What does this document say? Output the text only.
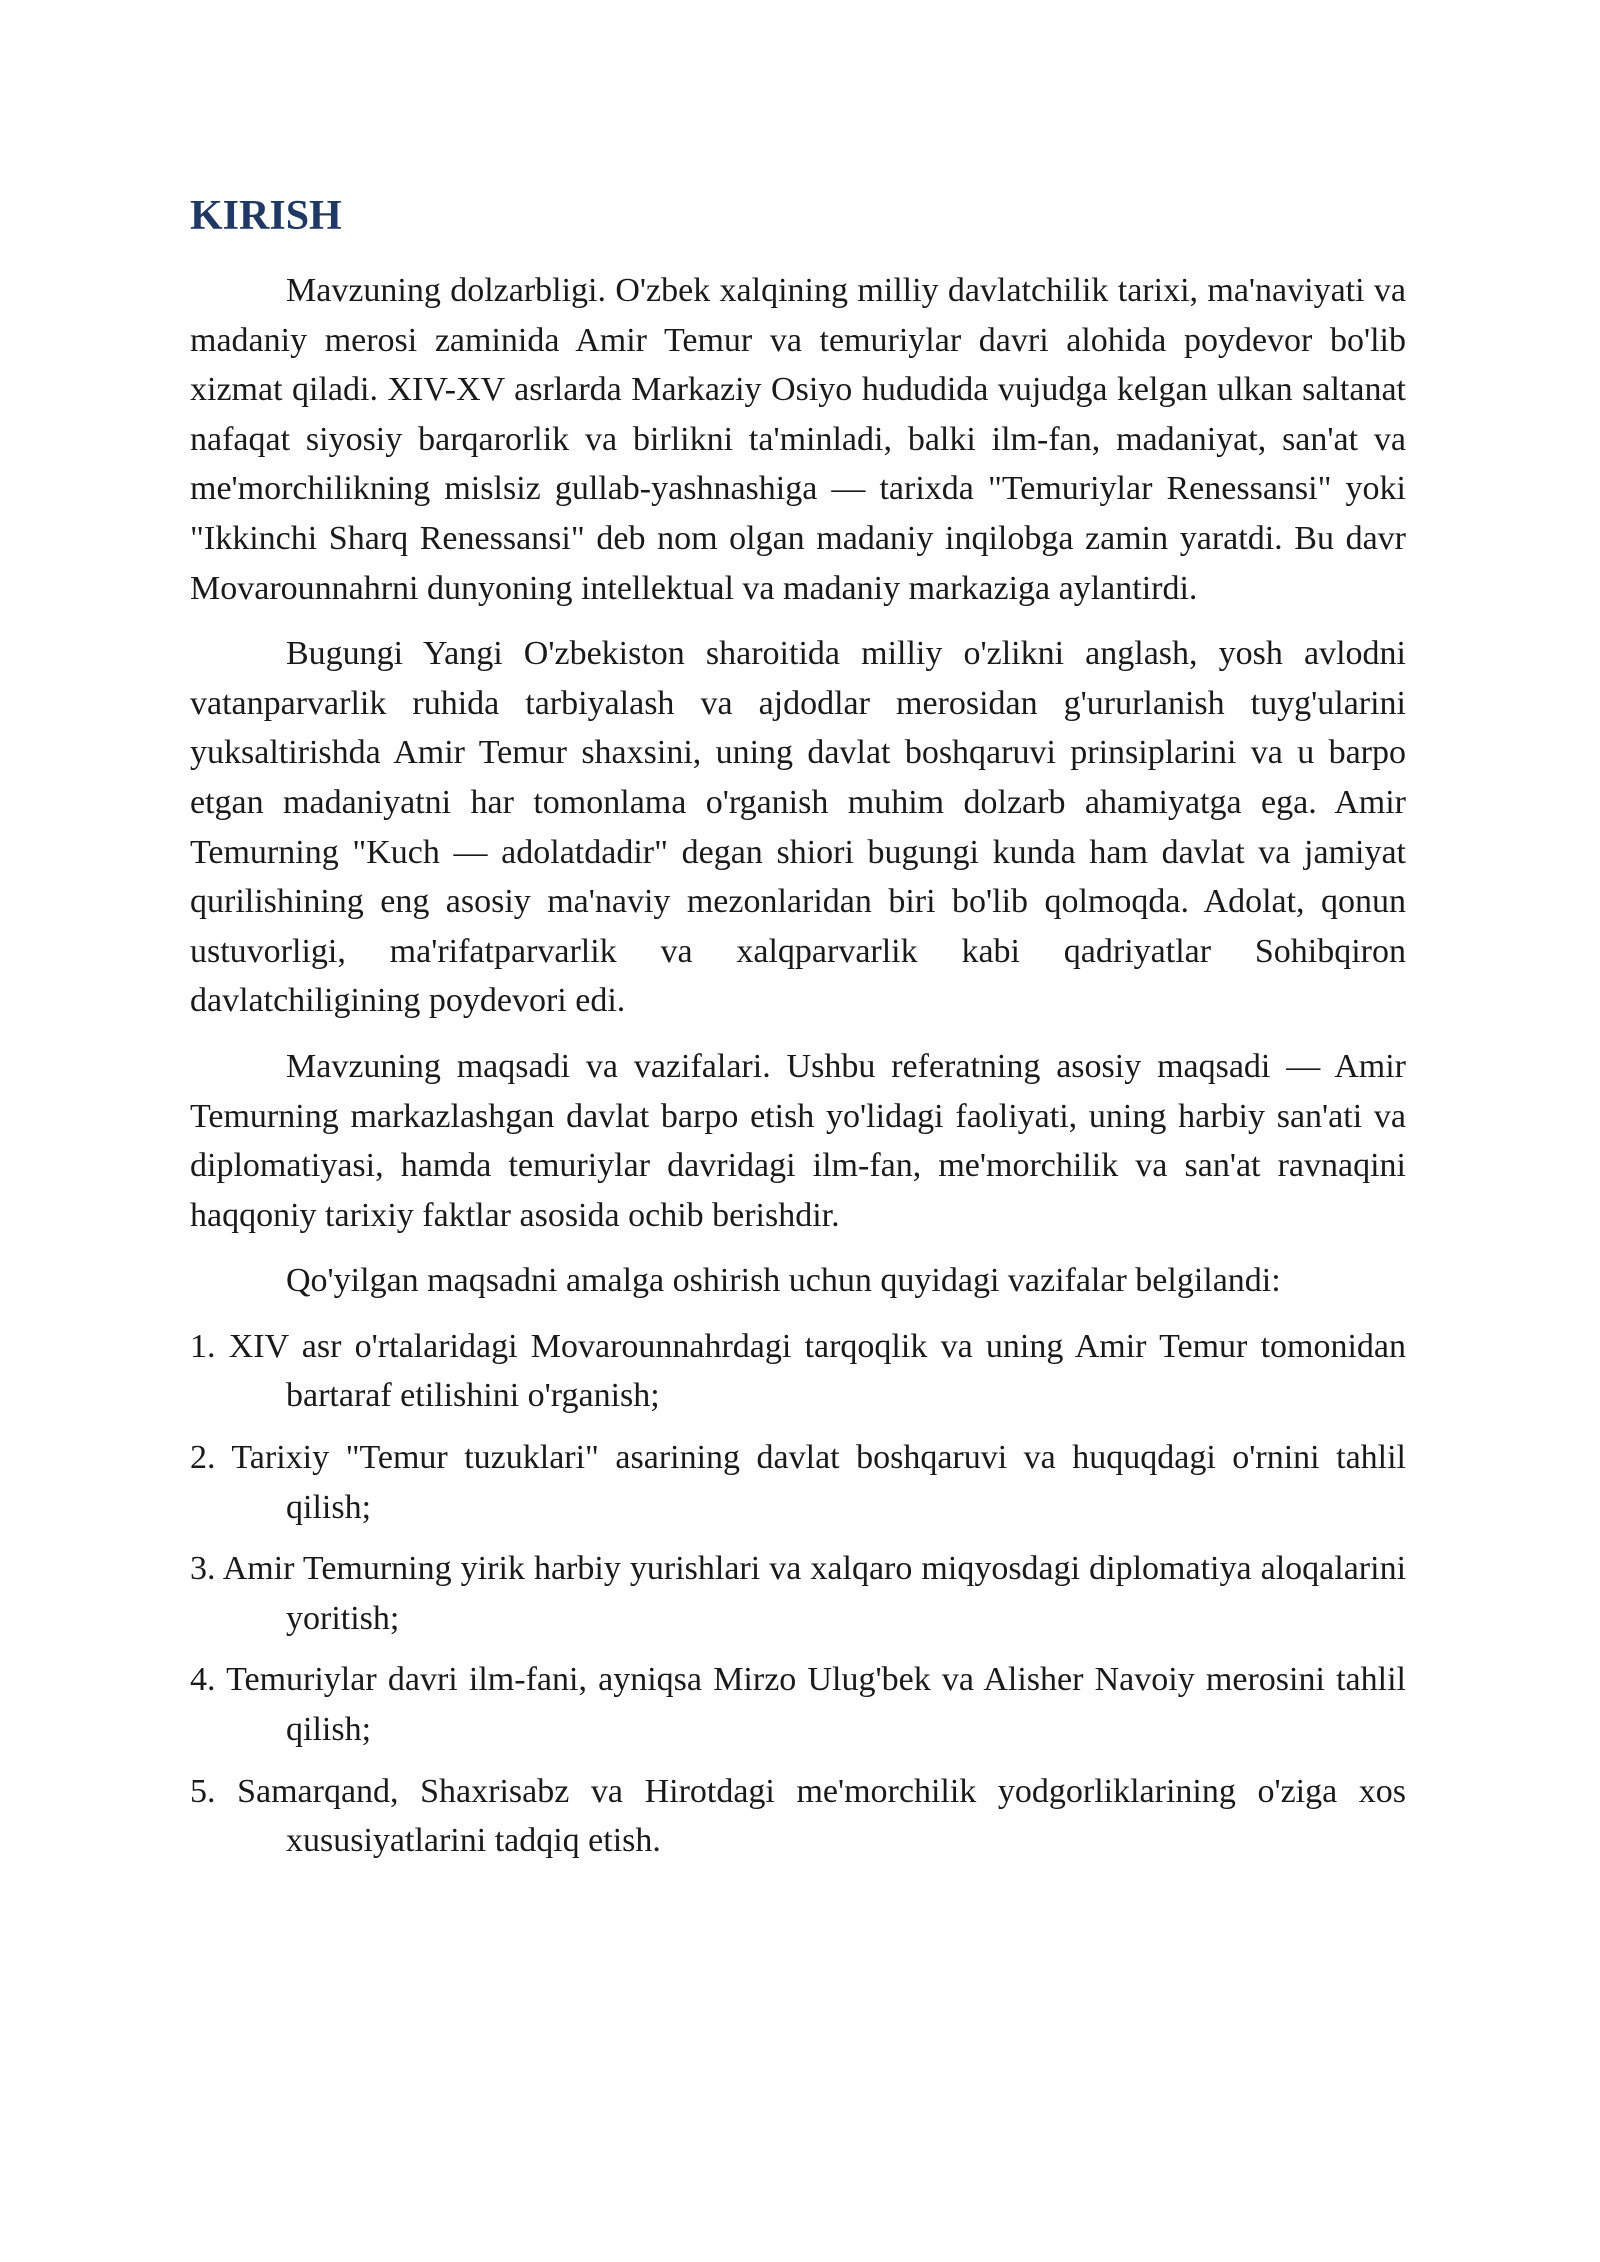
KIRISH

Mavzuning dolzarbligi. O'zbek xalqining milliy davlatchilik tarixi, ma'naviyati va madaniy merosi zaminida Amir Temur va temuriylar davri alohida poydevor bo'lib xizmat qiladi. XIV-XV asrlarda Markaziy Osiyo hududida vujudga kelgan ulkan saltanat nafaqat siyosiy barqarorlik va birlikni ta'minladi, balki ilm-fan, madaniyat, san'at va me'morchilikning mislsiz gullab-yashnashiga — tarixda "Temuriylar Renessansi" yoki "Ikkinchi Sharq Renessansi" deb nom olgan madaniy inqilobga zamin yaratdi. Bu davr Movarounnahrni dunyoning intellektual va madaniy markaziga aylantirdi.

Bugungi Yangi O'zbekiston sharoitida milliy o'zlikni anglash, yosh avlodni vatanparvarlik ruhida tarbiyalash va ajdodlar merosidan g'ururlanish tuyg'ularini yuksaltirishda Amir Temur shaxsini, uning davlat boshqaruvi prinsiplarini va u barpo etgan madaniyatni har tomonlama o'rganish muhim dolzarb ahamiyatga ega. Amir Temurning "Kuch — adolatdadir" degan shiori bugungi kunda ham davlat va jamiyat qurilishining eng asosiy ma'naviy mezonlaridan biri bo'lib qolmoqda. Adolat, qonun ustuvorligi, ma'rifatparvarlik va xalqparvarlik kabi qadriyatlar Sohibqiron davlatchiligining poydevori edi.

Mavzuning maqsadi va vazifalari. Ushbu referatning asosiy maqsadi — Amir Temurning markazlashgan davlat barpo etish yo'lidagi faoliyati, uning harbiy san'ati va diplomatiyasi, hamda temuriylar davridagi ilm-fan, me'morchilik va san'at ravnaqini haqqoniy tarixiy faktlar asosida ochib berishdir.

Qo'yilgan maqsadni amalga oshirish uchun quyidagi vazifalar belgilandi:

1. XIV asr o'rtalaridagi Movarounnahrdagi tarqoqlik va uning Amir Temur tomonidan bartaraf etilishini o'rganish;
2. Tarixiy "Temur tuzuklari" asarining davlat boshqaruvi va huquqdagi o'rnini tahlil qilish;
3. Amir Temurning yirik harbiy yurishlari va xalqaro miqyosdagi diplomatiya aloqalarini yoritish;
4. Temuriylar davri ilm-fani, ayniqsa Mirzo Ulug'bek va Alisher Navoiy merosini tahlil qilish;
5. Samarqand, Shaxrisabz va Hirotdagi me'morchilik yodgorliklarining o'ziga xos xususiyatlarini tadqiq etish.
